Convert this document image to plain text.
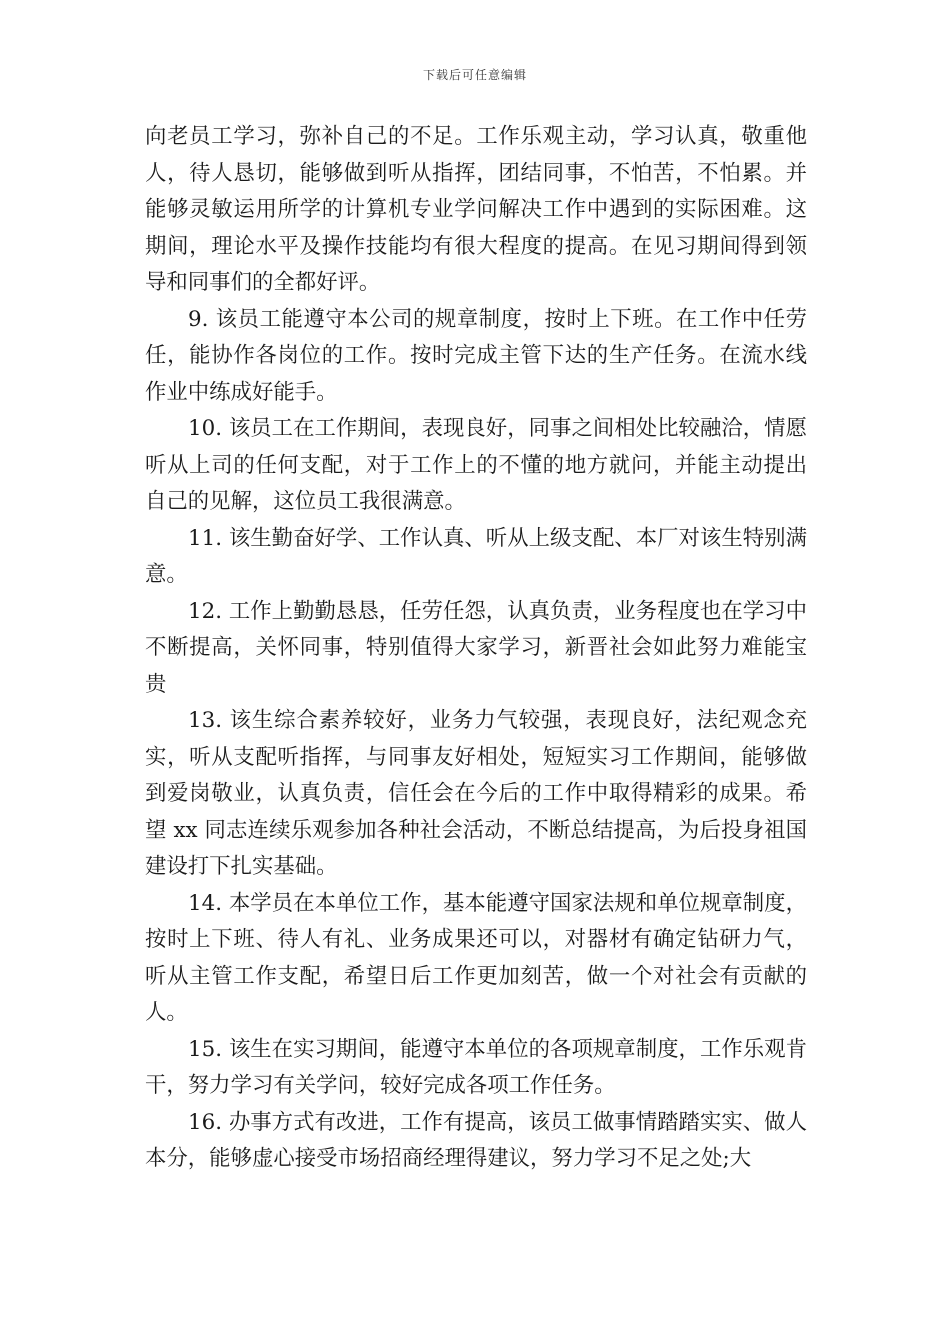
下载后可任意编辑

向老员工学习，弥补自己的不足。工作乐观主动，学习认真，敬重他人，待人恳切，能够做到听从指挥，团结同事，不怕苦，不怕累。并能够灵敏运用所学的计算机专业学问解决工作中遇到的实际困难。这期间，理论水平及操作技能均有很大程度的提高。在见习期间得到领导和同事们的全都好评。

9. 该员工能遵守本公司的规章制度，按时上下班。在工作中任劳任，能协作各岗位的工作。按时完成主管下达的生产任务。在流水线作业中练成好能手。

10. 该员工在工作期间，表现良好，同事之间相处比较融洽，情愿听从上司的任何支配，对于工作上的不懂的地方就问，并能主动提出自己的见解，这位员工我很满意。

11. 该生勤奋好学、工作认真、听从上级支配、本厂对该生特别满意。

12. 工作上勤勤恳恳，任劳任怨，认真负责，业务程度也在学习中不断提高，关怀同事，特别值得大家学习，新晋社会如此努力难能宝贵

13. 该生综合素养较好，业务力气较强，表现良好，法纪观念充实，听从支配听指挥，与同事友好相处，短短实习工作期间，能够做到爱岗敬业，认真负责，信任会在今后的工作中取得精彩的成果。希望 xx 同志连续乐观参加各种社会活动，不断总结提高，为后投身祖国建设打下扎实基础。

14. 本学员在本单位工作，基本能遵守国家法规和单位规章制度，按时上下班、待人有礼、业务成果还可以，对器材有确定钻研力气，听从主管工作支配，希望日后工作更加刻苦，做一个对社会有贡献的人。

15. 该生在实习期间，能遵守本单位的各项规章制度，工作乐观肯干，努力学习有关学问，较好完成各项工作任务。

16. 办事方式有改进，工作有提高，该员工做事情踏踏实实、做人本分，能够虚心接受市场招商经理得建议，努力学习不足之处;大
